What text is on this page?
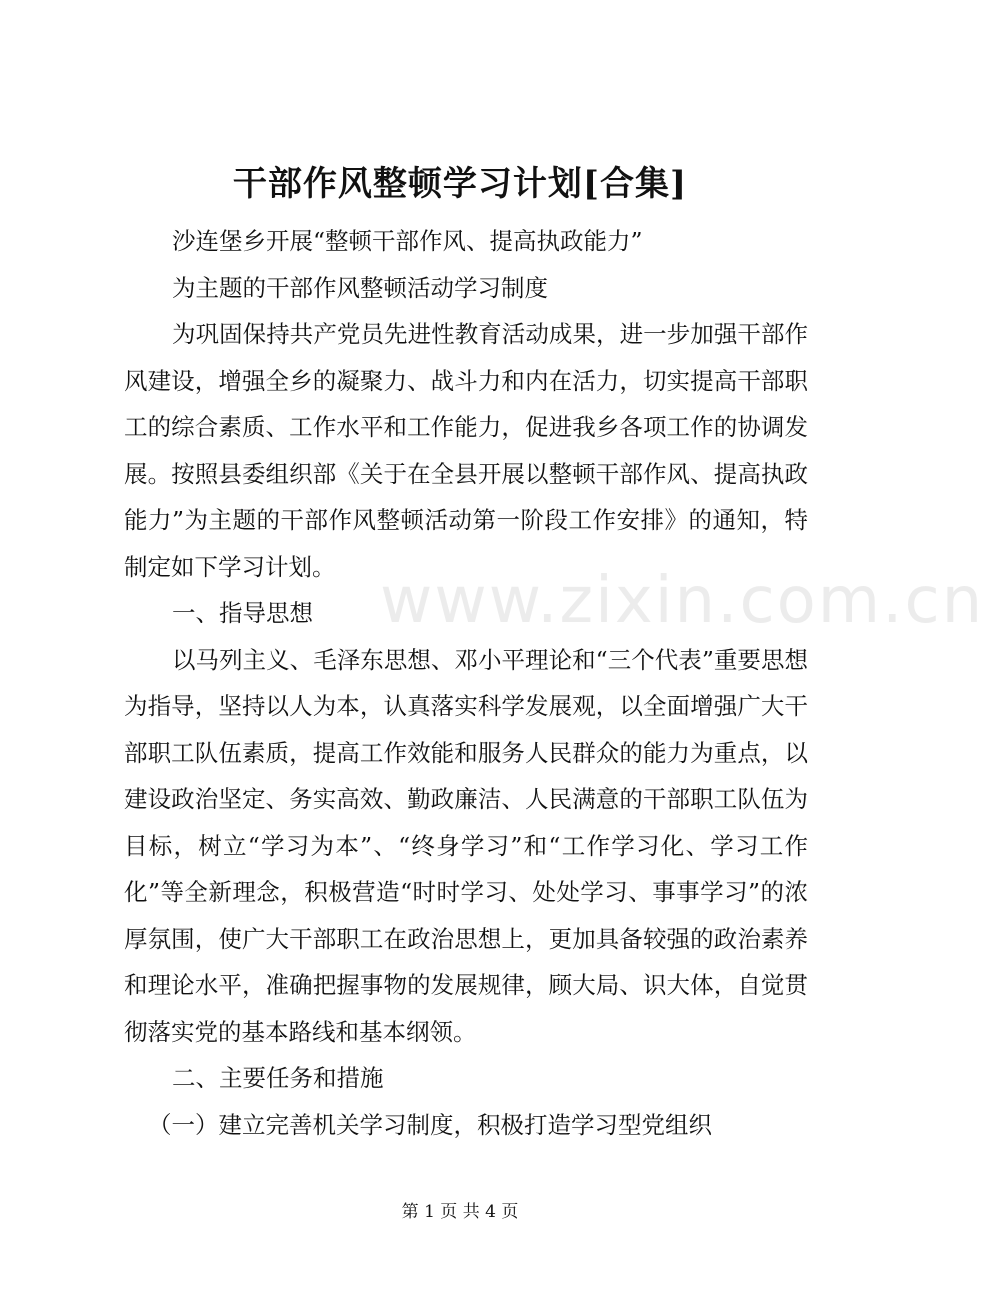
www.zixin.com.cn
干部作风整顿学习计划[合集]

沙连堡乡开展“整顿干部作风、提高执政能力”

为主题的干部作风整顿活动学习制度

为巩固保持共产党员先进性教育活动成果，进一步加强干部作风建设，增强全乡的凝聚力、战斗力和内在活力，切实提高干部职工的综合素质、工作水平和工作能力，促进我乡各项工作的协调发展。按照县委组织部《关于在全县开展以整顿干部作风、提高执政能力”为主题的干部作风整顿活动第一阶段工作安排》的通知，特制定如下学习计划。

一、指导思想

以马列主义、毛泽东思想、邓小平理论和“三个代表”重要思想为指导，坚持以人为本，认真落实科学发展观，以全面增强广大干部职工队伍素质，提高工作效能和服务人民群众的能力为重点，以建设政治坚定、务实高效、勤政廉洁、人民满意的干部职工队伍为目标，树立“学习为本”、“终身学习”和“工作学习化、学习工作化”等全新理念，积极营造“时时学习、处处学习、事事学习”的浓厚氛围，使广大干部职工在政治思想上，更加具备较强的政治素养和理论水平，准确把握事物的发展规律，顾大局、识大体，自觉贯彻落实党的基本路线和基本纲领。

二、主要任务和措施

（一）建立完善机关学习制度，积极打造学习型党组织

第 1 页 共 4 页
